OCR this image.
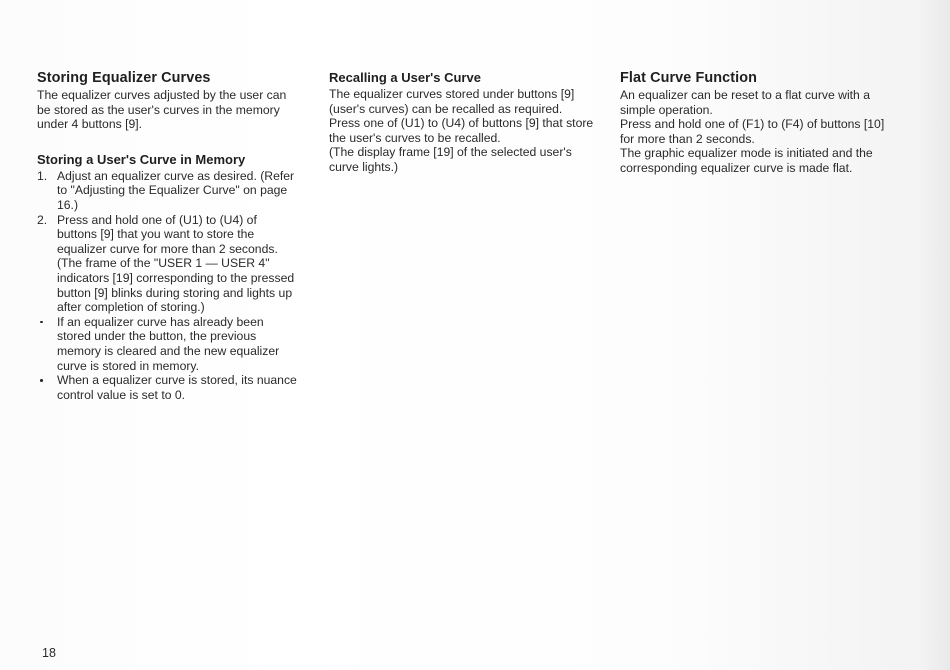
Storing Equalizer Curves

The equalizer curves adjusted by the user can be stored as the user's curves in the memory under 4 buttons [9].

Storing a User's Curve in Memory
1. Adjust an equalizer curve as desired. (Refer to "Adjusting the Equalizer Curve" on page 16.)
2. Press and hold one of (U1) to (U4) of buttons [9] that you want to store the equalizer curve for more than 2 seconds. (The frame of the "USER 1 — USER 4" indicators [19] corresponding to the pressed button [9] blinks during storing and lights up after completion of storing.)
If an equalizer curve has already been stored under the button, the previous memory is cleared and the new equalizer curve is stored in memory.
When a equalizer curve is stored, its nuance control value is set to 0.
Recalling a User's Curve

The equalizer curves stored under buttons [9] (user's curves) can be recalled as required.

Press one of (U1) to (U4) of buttons [9] that store the user's curves to be recalled.

(The display frame [19] of the selected user's curve lights.)

Flat Curve Function

An equalizer can be reset to a flat curve with a simple operation.

Press and hold one of (F1) to (F4) of buttons [10] for more than 2 seconds.

The graphic equalizer mode is initiated and the corresponding equalizer curve is made flat.

18
